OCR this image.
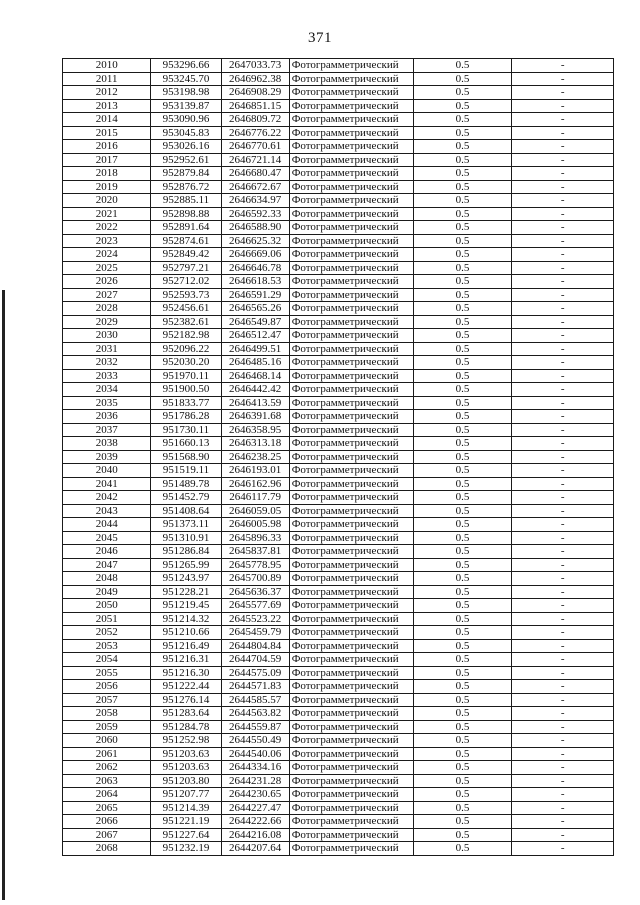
371
2010	953296.66	2647033.73	Фотограмметрический	0.5	-
2011	953245.70	2646962.38	Фотограмметрический	0.5	-
2012	953198.98	2646908.29	Фотограмметрический	0.5	-
2013	953139.87	2646851.15	Фотограмметрический	0.5	-
2014	953090.96	2646809.72	Фотограмметрический	0.5	-
2015	953045.83	2646776.22	Фотограмметрический	0.5	-
2016	953026.16	2646770.61	Фотограмметрический	0.5	-
2017	952952.61	2646721.14	Фотограмметрический	0.5	-
2018	952879.84	2646680.47	Фотограмметрический	0.5	-
2019	952876.72	2646672.67	Фотограмметрический	0.5	-
2020	952885.11	2646634.97	Фотограмметрический	0.5	-
2021	952898.88	2646592.33	Фотограмметрический	0.5	-
2022	952891.64	2646588.90	Фотограмметрический	0.5	-
2023	952874.61	2646625.32	Фотограмметрический	0.5	-
2024	952849.42	2646669.06	Фотограмметрический	0.5	-
2025	952797.21	2646646.78	Фотограмметрический	0.5	-
2026	952712.02	2646618.53	Фотограмметрический	0.5	-
2027	952593.73	2646591.29	Фотограмметрический	0.5	-
2028	952456.61	2646565.26	Фотограмметрический	0.5	-
2029	952382.61	2646549.87	Фотограмметрический	0.5	-
2030	952182.98	2646512.47	Фотограмметрический	0.5	-
2031	952096.22	2646499.51	Фотограмметрический	0.5	-
2032	952030.20	2646485.16	Фотограмметрический	0.5	-
2033	951970.11	2646468.14	Фотограмметрический	0.5	-
2034	951900.50	2646442.42	Фотограмметрический	0.5	-
2035	951833.77	2646413.59	Фотограмметрический	0.5	-
2036	951786.28	2646391.68	Фотограмметрический	0.5	-
2037	951730.11	2646358.95	Фотограмметрический	0.5	-
2038	951660.13	2646313.18	Фотограмметрический	0.5	-
2039	951568.90	2646238.25	Фотограмметрический	0.5	-
2040	951519.11	2646193.01	Фотограмметрический	0.5	-
2041	951489.78	2646162.96	Фотограмметрический	0.5	-
2042	951452.79	2646117.79	Фотограмметрический	0.5	-
2043	951408.64	2646059.05	Фотограмметрический	0.5	-
2044	951373.11	2646005.98	Фотограмметрический	0.5	-
2045	951310.91	2645896.33	Фотограмметрический	0.5	-
2046	951286.84	2645837.81	Фотограмметрический	0.5	-
2047	951265.99	2645778.95	Фотограмметрический	0.5	-
2048	951243.97	2645700.89	Фотограмметрический	0.5	-
2049	951228.21	2645636.37	Фотограмметрический	0.5	-
2050	951219.45	2645577.69	Фотограмметрический	0.5	-
2051	951214.32	2645523.22	Фотограмметрический	0.5	-
2052	951210.66	2645459.79	Фотограмметрический	0.5	-
2053	951216.49	2644804.84	Фотограмметрический	0.5	-
2054	951216.31	2644704.59	Фотограмметрический	0.5	-
2055	951216.30	2644575.09	Фотограмметрический	0.5	-
2056	951222.44	2644571.83	Фотограмметрический	0.5	-
2057	951276.14	2644585.57	Фотограмметрический	0.5	-
2058	951283.64	2644563.82	Фотограмметрический	0.5	-
2059	951284.78	2644559.87	Фотограмметрический	0.5	-
2060	951252.98	2644550.49	Фотограмметрический	0.5	-
2061	951203.63	2644540.06	Фотограмметрический	0.5	-
2062	951203.63	2644334.16	Фотограмметрический	0.5	-
2063	951203.80	2644231.28	Фотограмметрический	0.5	-
2064	951207.77	2644230.65	Фотограмметрический	0.5	-
2065	951214.39	2644227.47	Фотограмметрический	0.5	-
2066	951221.19	2644222.66	Фотограмметрический	0.5	-
2067	951227.64	2644216.08	Фотограмметрический	0.5	-
2068	951232.19	2644207.64	Фотограмметрический	0.5	-
